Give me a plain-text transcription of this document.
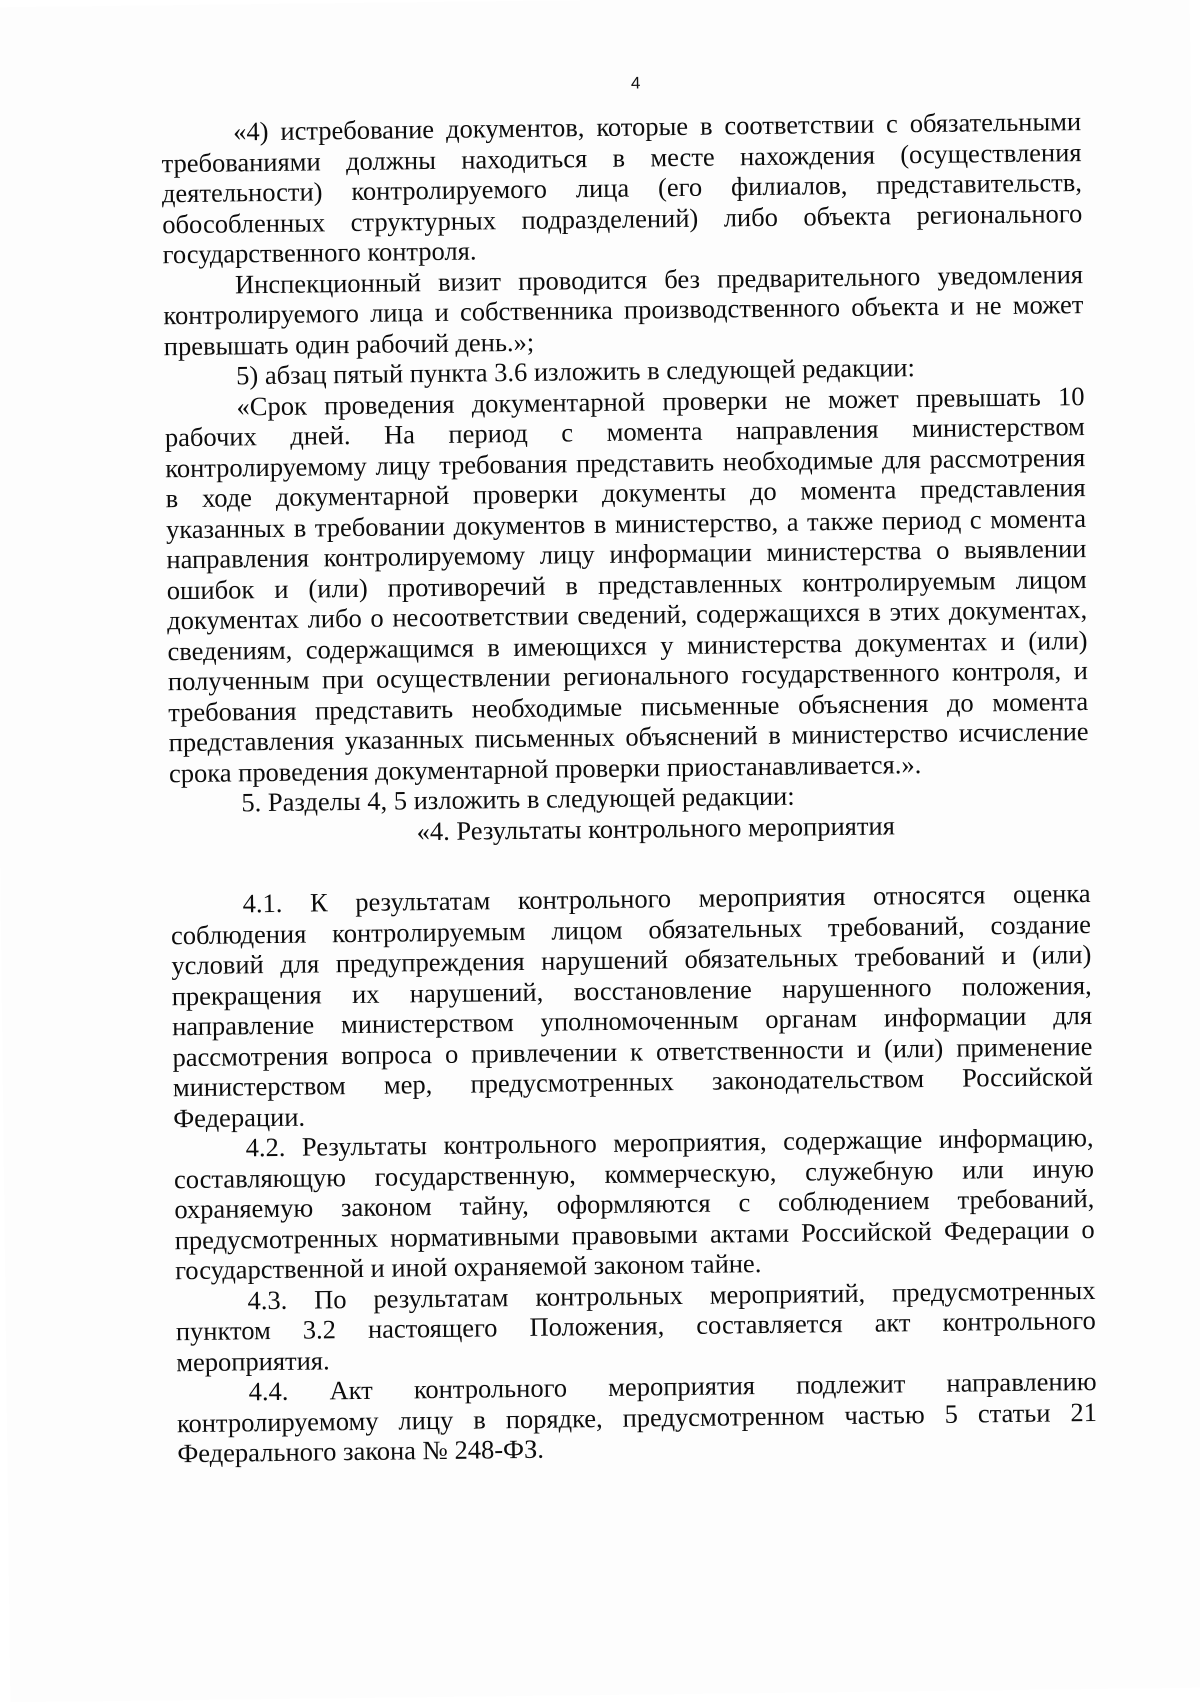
4

«4) истребование документов, которые в соответствии с обязательными требованиями должны находиться в месте нахождения (осуществления деятельности) контролируемого лица (его филиалов, представительств, обособленных структурных подразделений) либо объекта регионального государственного контроля.

Инспекционный визит проводится без предварительного уведомления контролируемого лица и собственника производственного объекта и не может превышать один рабочий день.»;

5) абзац пятый пункта 3.6 изложить в следующей редакции:

«Срок проведения документарной проверки не может превышать 10 рабочих дней. На период с момента направления министерством контролируемому лицу требования представить необходимые для рассмотрения в ходе документарной проверки документы до момента представления указанных в требовании документов в министерство, а также период с момента направления контролируемому лицу информации министерства о выявлении ошибок и (или) противоречий в представленных контролируемым лицом документах либо о несоответствии сведений, содержащихся в этих документах, сведениям, содержащимся в имеющихся у министерства документах и (или) полученным при осуществлении регионального государственного контроля, и требования представить необходимые письменные объяснения до момента представления указанных письменных объяснений в министерство исчисление срока проведения документарной проверки приостанавливается.».

5. Разделы 4, 5 изложить в следующей редакции:

«4. Результаты контрольного мероприятия

4.1. К результатам контрольного мероприятия относятся оценка соблюдения контролируемым лицом обязательных требований, создание условий для предупреждения нарушений обязательных требований и (или) прекращения их нарушений, восстановление нарушенного положения, направление министерством уполномоченным органам информации для рассмотрения вопроса о привлечении к ответственности и (или) применение министерством мер, предусмотренных законодательством Российской Федерации.

4.2. Результаты контрольного мероприятия, содержащие информацию, составляющую государственную, коммерческую, служебную или иную охраняемую законом тайну, оформляются с соблюдением требований, предусмотренных нормативными правовыми актами Российской Федерации о государственной и иной охраняемой законом тайне.

4.3. По результатам контрольных мероприятий, предусмотренных пунктом 3.2 настоящего Положения, составляется акт контрольного мероприятия.

4.4. Акт контрольного мероприятия подлежит направлению контролируемому лицу в порядке, предусмотренном частью 5 статьи 21 Федерального закона № 248-ФЗ.
